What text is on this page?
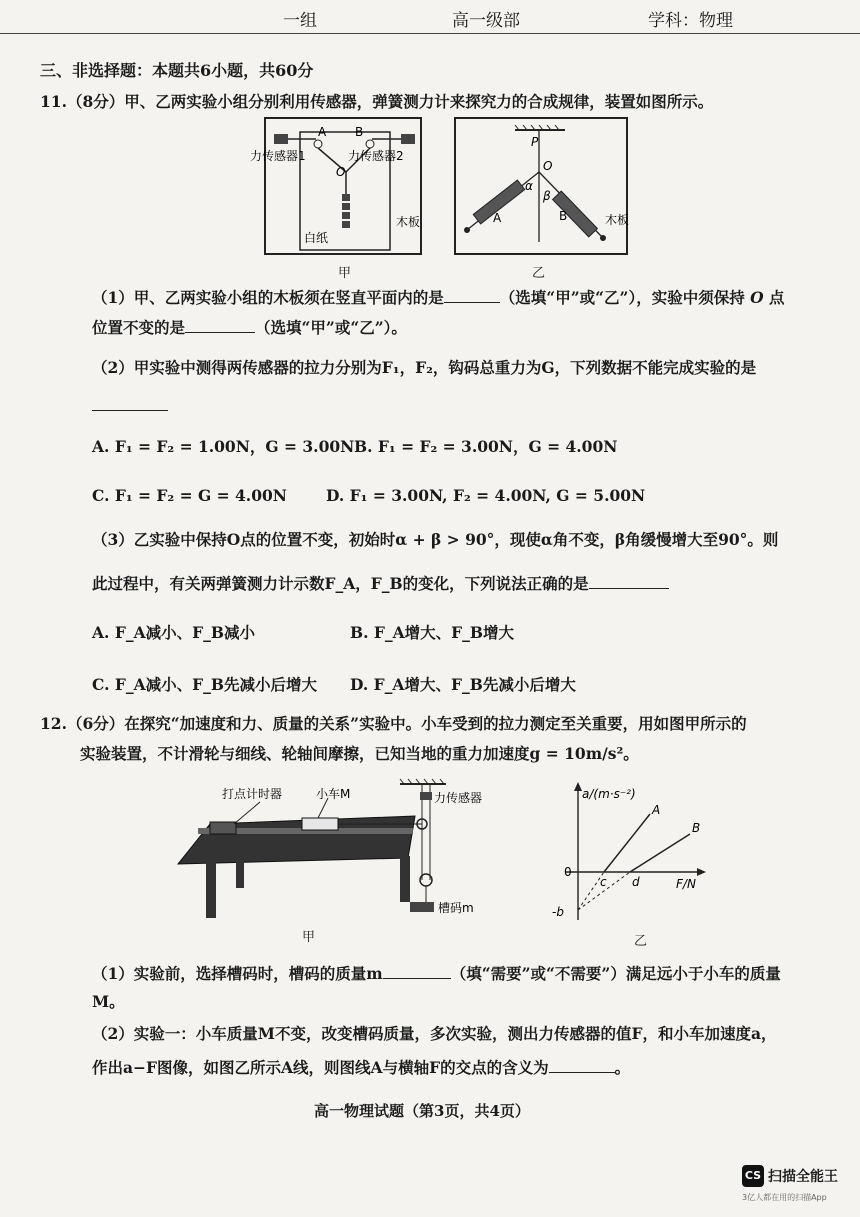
一组	高一级部	学科：物理
三、非选择题：本题共6小题，共60分
11.（8分）甲、乙两实验小组分别利用传感器，弹簧测力计来探究力的合成规律，装置如图所示。
A B
力传感器1	力传感器2
O
白纸
木板
甲
P
O
α
β
A	B	木板
乙
（1）甲、乙两实验小组的木板须在竖直平面内的是	（选填“甲”或“乙”），实验中须保持 O 点
位置不变的是	（选填“甲”或“乙”）。
（2）甲实验中测得两传感器的拉力分别为F₁，F₂，钩码总重力为G，下列数据不能完成实验的是
A. F₁ = F₂ = 1.00N，G = 3.00N B. F₁ = F₂ = 3.00N，G = 4.00N
C. F₁ = F₂ = G = 4.00N	D. F₁ = 3.00N, F₂ = 4.00N, G = 5.00N
（3）乙实验中保持O点的位置不变，初始时α + β > 90°，现使α角不变，β角缓慢增大至90°。则
此过程中，有关两弹簧测力计示数F_A，F_B的变化，下列说法正确的是
A. F_A减小、F_B减小	B. F_A增大、F_B增大
C. F_A减小、F_B先减小后增大 D. F_A增大、F_B先减小后增大
12.（6分）在探究“加速度和力、质量的关系”实验中。小车受到的拉力测定至关重要，用如图甲所示的
实验装置，不计滑轮与细线、轮轴间摩擦，已知当地的重力加速度g = 10m/s²。
打点计时器	小车M	力传感器
槽码m
甲
a/(m·s⁻²)
F/N
0
A
B
c d
-b
乙
（1）实验前，选择槽码时，槽码的质量m	（填“需要”或“不需要”）满足远小于小车的质量
M。
（2）实验一：小车质量M不变，改变槽码质量，多次实验，测出力传感器的值F，和小车加速度a，
作出a−F图像，如图乙所示A线，则图线A与横轴F的交点的含义为	。
高一物理试题（第3页，共4页）
CS 扫描全能王
3亿人都在用的扫描App
